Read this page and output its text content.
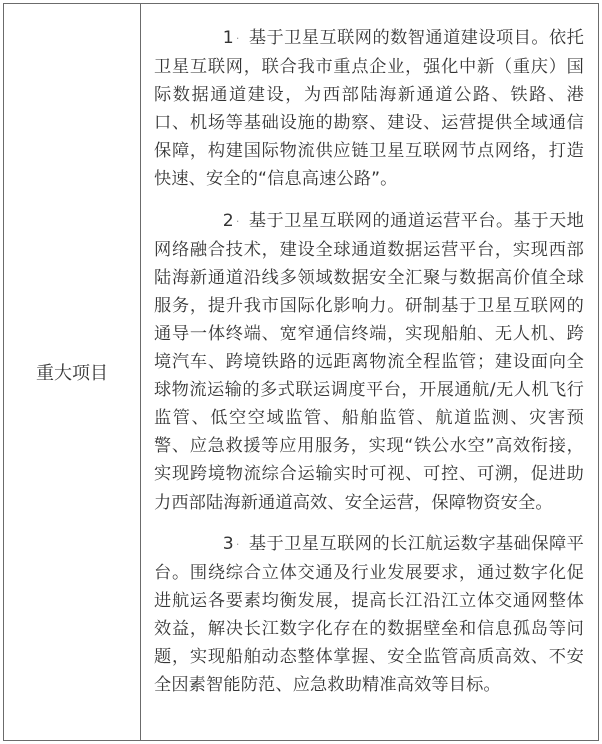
重大项目	

1 · 基于卫星互联网的数智通道建设项目。依托卫星互联网，联合我市重点企业，强化中新（重庆）国际数据通道建设，为西部陆海新通道公路、铁路、港口、机场等基础设施的勘察、建设、运营提供全域通信保障，构建国际物流供应链卫星互联网节点网络，打造快速、安全的“信息高速公路”。

2 · 基于卫星互联网的通道运营平台。基于天地网络融合技术，建设全球通道数据运营平台，实现西部陆海新通道沿线多领域数据安全汇聚与数据高价值全球服务，提升我市国际化影响力。研制基于卫星互联网的通导一体终端、宽窄通信终端，实现船舶、无人机、跨境汽车、跨境铁路的远距离物流全程监管；建设面向全球物流运输的多式联运调度平台，开展通航/无人机飞行监管、低空空域监管、船舶监管、航道监测、灾害预警、应急救援等应用服务，实现“铁公水空”高效衔接，实现跨境物流综合运输实时可视、可控、可溯，促进助力西部陆海新通道高效、安全运营，保障物资安全。

3 · 基于卫星互联网的长江航运数字基础保障平台。围绕综合立体交通及行业发展要求，通过数字化促进航运各要素均衡发展，提高长江沿江立体交通网整体效益，解决长江数字化存在的数据壁垒和信息孤岛等问题，实现船舶动态整体掌握、安全监管高质高效、不安全因素智能防范、应急救助精准高效等目标。
